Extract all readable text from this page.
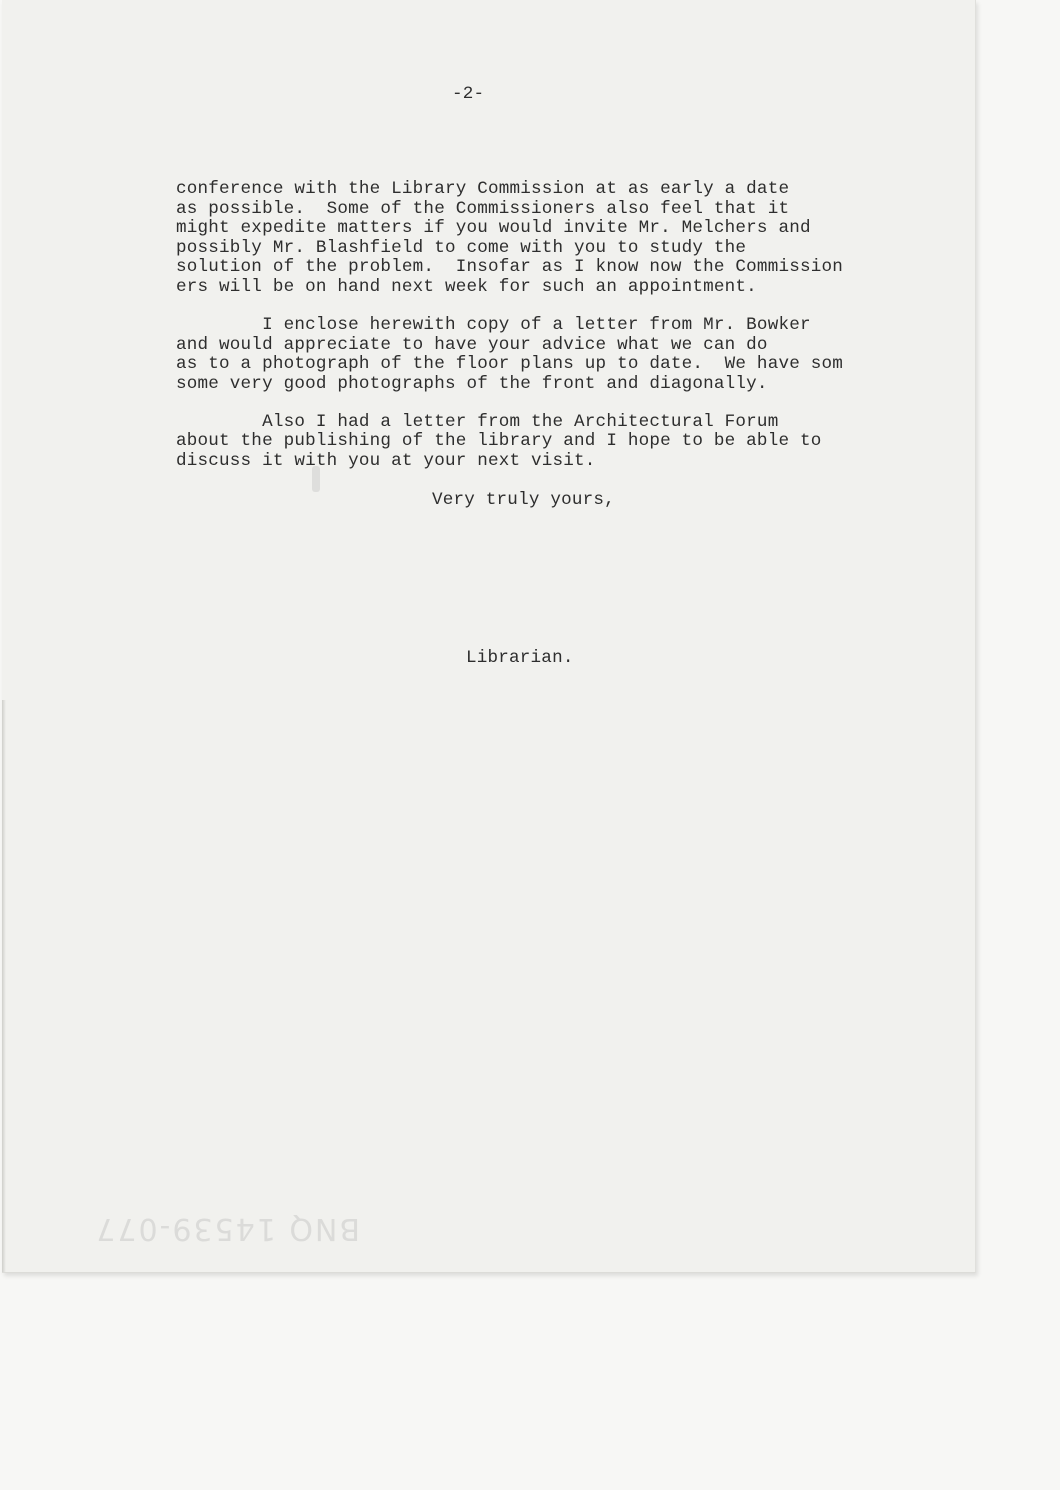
-2-

conference with the Library Commission at as early a date

as possible.  Some of the Commissioners also feel that it

might expedite matters if you would invite Mr. Melchers and

possibly Mr. Blashfield to come with you to study the

solution of the problem.  Insofar as I know now the Commission

ers will be on hand next week for such an appointment.

I enclose herewith copy of a letter from Mr. Bowker

and would appreciate to have your advice what we can do

as to a photograph of the floor plans up to date.  We have som

some very good photographs of the front and diagonally.

Also I had a letter from the Architectural Forum

about the publishing of the library and I hope to be able to

discuss it with you at your next visit.

Very truly yours,

Librarian.

BNQ 14539-077
